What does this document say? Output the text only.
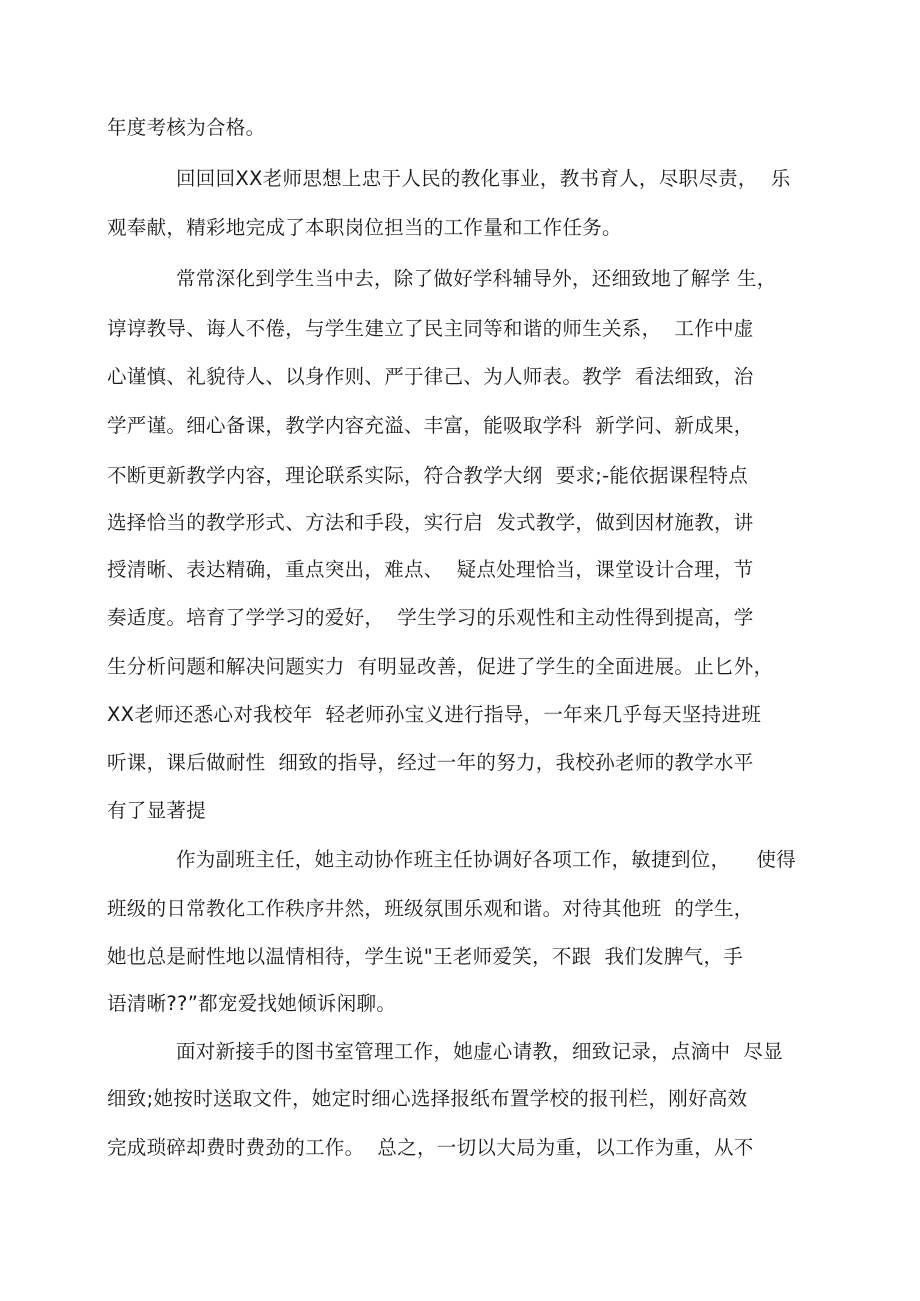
年度考核为合格。

回回回XX老师思想上忠于人民的教化事业，教书育人，尽职尽责，  乐

观奉献，精彩地完成了本职岗位担当的工作量和工作任务。

常常深化到学生当中去，除了做好学科辅导外，还细致地了解学 生，

谆谆教导、诲人不倦，与学生建立了民主同等和谐的师生关系，  工作中虚

心谨慎、礼貌待人、以身作则、严于律己、为人师表。教学  看法细致，治

学严谨。细心备课，教学内容充溢、丰富，能吸取学科  新学问、新成果，

不断更新教学内容，理论联系实际，符合教学大纲  要求;-能依据课程特点

选择恰当的教学形式、方法和手段，实行启  发式教学，做到因材施教，讲

授清晰、表达精确，重点突出，难点、  疑点处理恰当，课堂设计合理，节

奏适度。培育了学学习的爱好，  学生学习的乐观性和主动性得到提高，学

生分析问题和解决问题实力  有明显改善，促进了学生的全面进展。止匕外，

XX老师还悉心对我校年  轻老师孙宝义进行指导，一年来几乎每天坚持进班

听课，课后做耐性  细致的指导，经过一年的努力，我校孙老师的教学水平

有了显著提

作为副班主任，她主动协作班主任协调好各项工作，敏捷到位，    使得

班级的日常教化工作秩序井然，班级氛围乐观和谐。对待其他班  的学生，

她也总是耐性地以温情相待，学生说"王老师爱笑，不跟  我们发脾气，手

语清晰??”都宠爱找她倾诉闲聊。

面对新接手的图书室管理工作，她虚心请教，细致记录，点滴中  尽显

细致;她按时送取文件，她定时细心选择报纸布置学校的报刊栏，刚好高效

完成琐碎却费时费劲的工作。  总之，一切以大局为重，以工作为重，从不
